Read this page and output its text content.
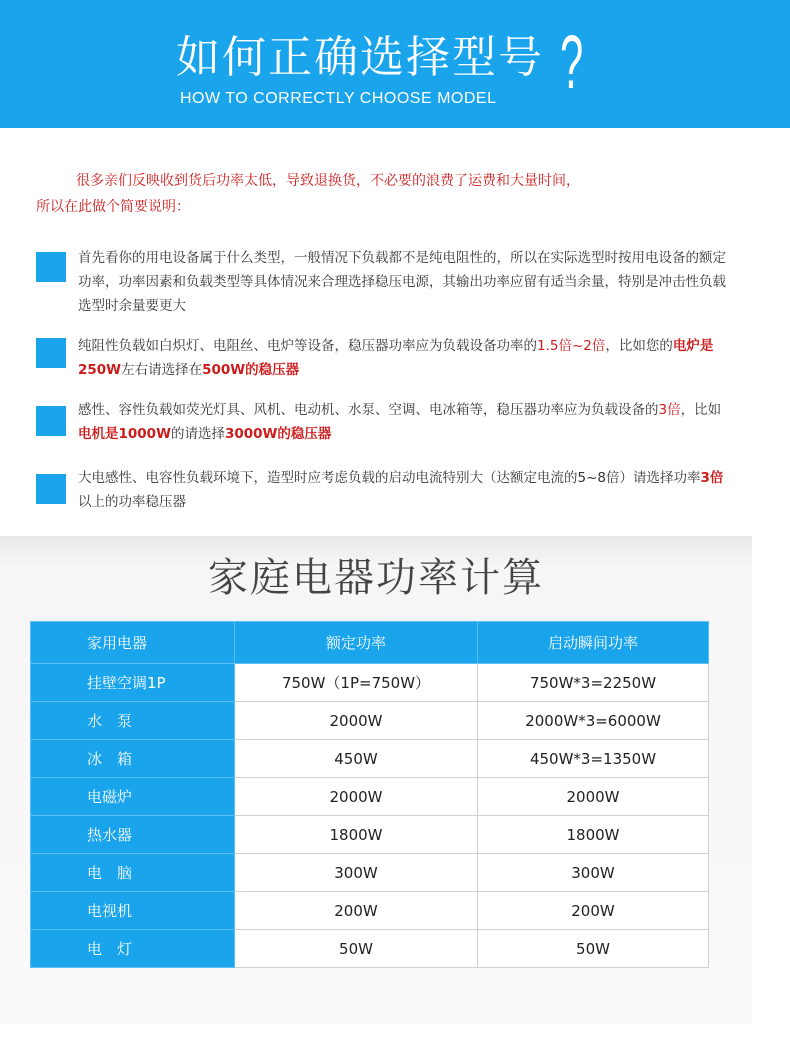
如何正确选择型号 ?
HOW TO CORRECTLY CHOOSE MODEL
很多亲们反映收到货后功率太低，导致退换货，不必要的浪费了运费和大量时间，
所以在此做个简要说明：
首先看你的用电设备属于什么类型，一般情况下负载都不是纯电阻性的，所以在实际选型时按用电设备的额定功率，功率因素和负载类型等具体情况来合理选择稳压电源，其输出功率应留有适当余量，特别是冲击性负载选型时余量要更大
纯阻性负载如白炽灯、电阻丝、电炉等设备，稳压器功率应为负载设备功率的1.5倍~2倍，比如您的电炉是250W左右请选择在500W的稳压器
感性、容性负载如荧光灯具、风机、电动机、水泵、空调、电冰箱等，稳压器功率应为负载设备的3倍，比如电机是1000W的请选择3000W的稳压器
大电感性、电容性负载环境下，造型时应考虑负载的启动电流特别大（达额定电流的5~8倍）请选择功率3倍以上的功率稳压器
家庭电器功率计算
家用电器	额定功率	启动瞬间功率
挂壁空调1P	750W（1P=750W）	750W*3=2250W
水　泵	2000W	2000W*3=6000W
冰　箱	450W	450W*3=1350W
电磁炉	2000W	2000W
热水器	1800W	1800W
电　脑	300W	300W
电视机	200W	200W
电　灯	50W	50W
